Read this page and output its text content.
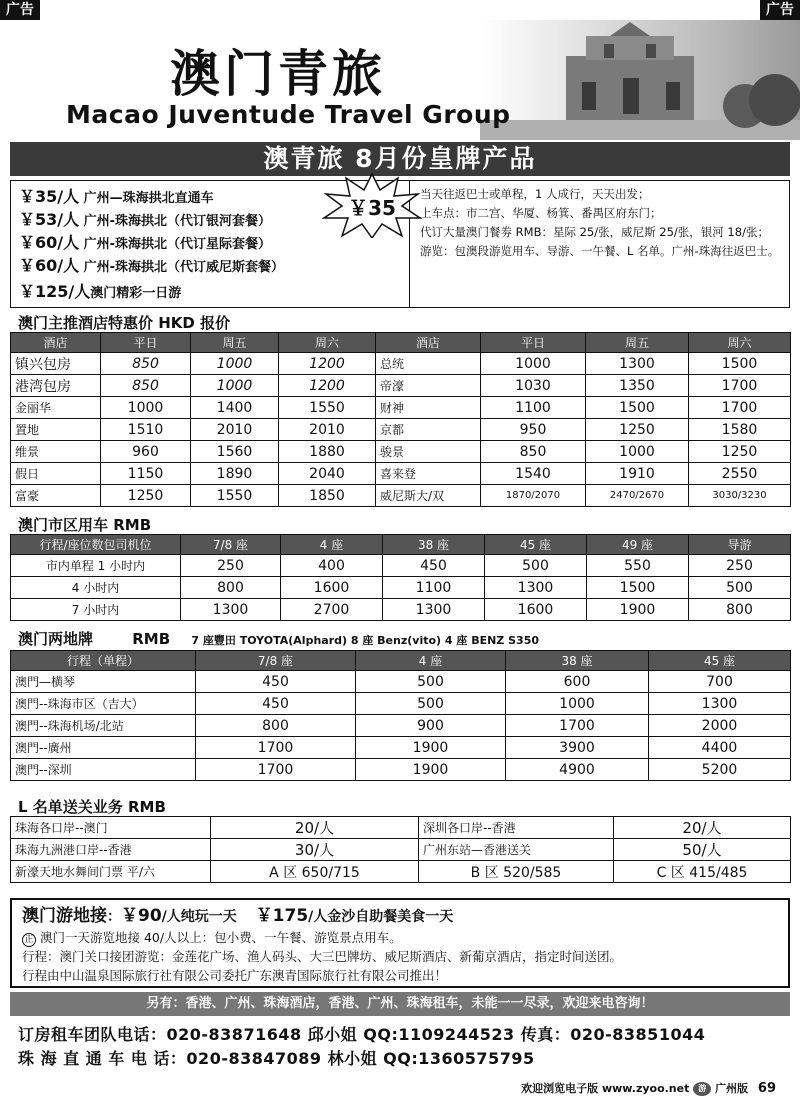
广告	广告
澳门青旅
Macao Juventude Travel Group
澳青旅 8月份皇牌产品
￥35/人 广州—珠海拱北直通车
￥53/人 广州-珠海拱北（代订银河套餐）
￥60/人 广州-珠海拱北（代订星际套餐）
￥60/人 广州-珠海拱北（代订威尼斯套餐）
￥125/人澳门精彩一日游
当天往返巴士或单程，1 人成行，天天出发；
上车点：市二宫、华厦、杨箕、番禺区府东门；
代订大量澳门餐劵 RMB：星际 25/张，威尼斯 25/张，银河 18/张；
游览：包澳段游览用车、导游、一午餐、L 名单。广州-珠海往返巴士。
￥35
澳门主推酒店特惠价 HKD 报价
酒店	平日	周五	周六	酒店	平日	周五	周六
镇兴包房	850	1000	1200	总统	1000	1300	1500
港湾包房	850	1000	1200	帝濠	1030	1350	1700
金丽华	1000	1400	1550	财神	1100	1500	1700
置地	1510	2010	2010	京都	950	1250	1580
维景	960	1560	1880	骏景	850	1000	1250
假日	1150	1890	2040	喜来登	1540	1910	2550
富豪	1250	1550	1850	威尼斯大/双	1870/2070	2470/2670	3030/3230
澳门市区用车 RMB
行程/座位数包司机位	7/8 座	4 座	38 座	45 座	49 座	导游
市内单程 1 小时内	250	400	450	500	550	250
4 小时内	800	1600	1100	1300	1500	500
7 小时内	1300	2700	1300	1600	1900	800
澳门两地牌	RMB 7 座豐田 TOYOTA(Alphard) 8 座 Benz(vito) 4 座 BENZ S350
行程（单程）	7/8 座	4 座	38 座	45 座
澳門—横琴	450	500	600	700
澳門--珠海市区（吉大）	450	500	1000	1300
澳門--珠海机场/北站	800	900	1700	2000
澳門--廣州	1700	1900	3900	4400
澳門--深圳	1700	1900	4900	5200
L 名单送关业务 RMB
珠海各口岸--澳门	20/人	深圳各口岸--香港	20/人
珠海九洲港口岸--香港	30/人	广州东站—香港送关	50/人
新濠天地水舞间门票 平/六	A 区 650/715	B 区 520/585	C 区 415/485
澳门游地接：￥90/人纯玩一天 ￥175/人金沙自助餐美食一天
正 澳门一天游览地接 40/人以上：包小费、一午餐、游览景点用车。
行程：澳门关口接团游览：金莲花广场、渔人码头、大三巴牌坊、威尼斯酒店、新葡京酒店，指定时间送团。
行程由中山温泉国际旅行社有限公司委托广东澳青国际旅行社有限公司推出！
另有：香港、广州、珠海酒店，香港、广州、珠海租车，未能一一尽录，欢迎来电咨询！
订房租车团队电话：020-83871648 邱小姐 QQ:1109244523 传真：020-83851044
珠 海 直 通 车 电 话：020-83847089 林小姐 QQ:1360575795
欢迎浏览电子版 www.zyoo.net 游 广州版 69
